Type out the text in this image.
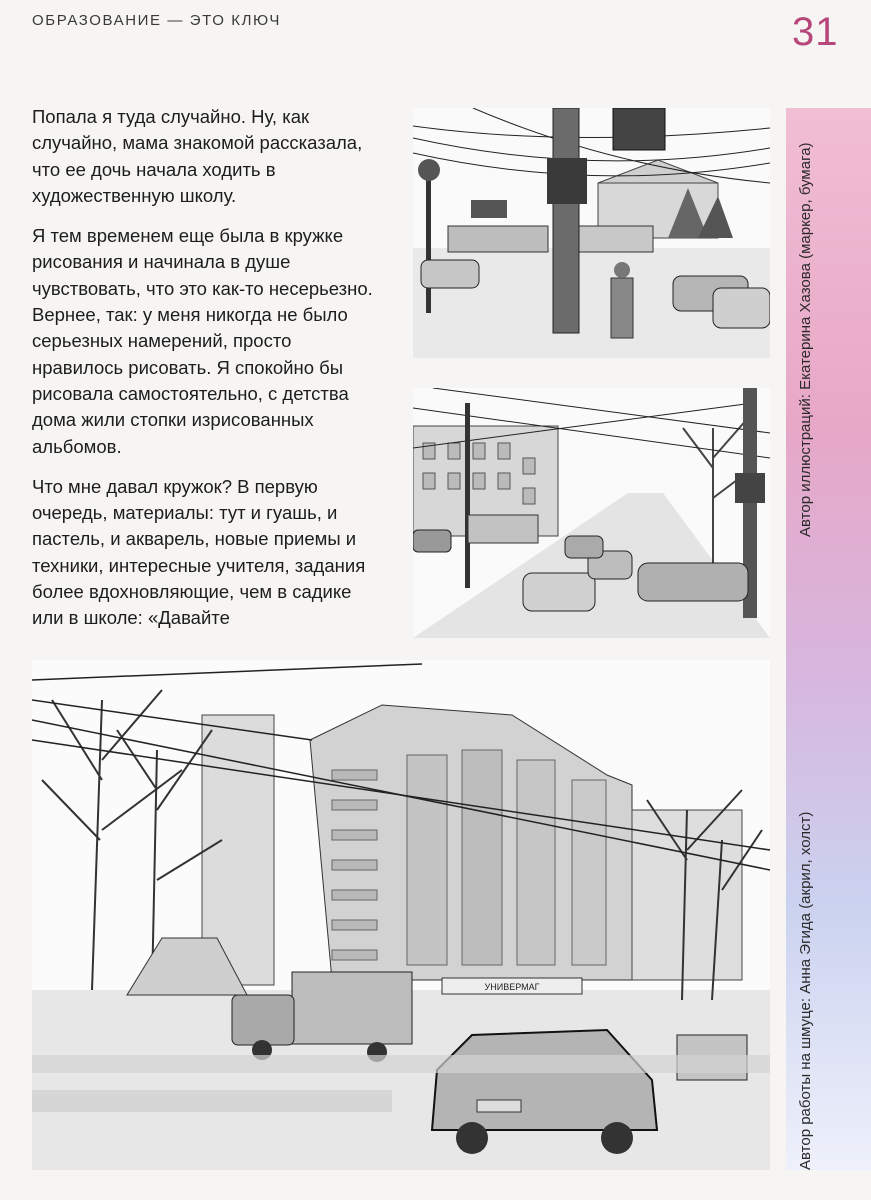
ОБРАЗОВАНИЕ — ЭТО КЛЮЧ	31
Автор иллюстраций: Екатерина Хазова (маркер, бумага)
Автор работы на шмуце: Анна Эгида (акрил, холст)

Попала я туда случайно. Ну, как случайно, мама знакомой рассказала, что ее дочь начала ходить в художественную школу.

Я тем временем еще была в кружке рисования и начинала в душе чувствовать, что это как-то несерьезно. Вернее, так: у меня никогда не было серьезных намерений, просто нравилось рисовать. Я спокойно бы рисовала самостоятельно, с детства дома жили стопки изрисованных альбомов.

Что мне давал кружок? В первую очередь, материалы: тут и гуашь, и пастель, и акварель, новые приемы и техники, интересные учителя, задания более вдохновляющие, чем в садике или в школе: «Давайте

УНИВЕРМАГ
